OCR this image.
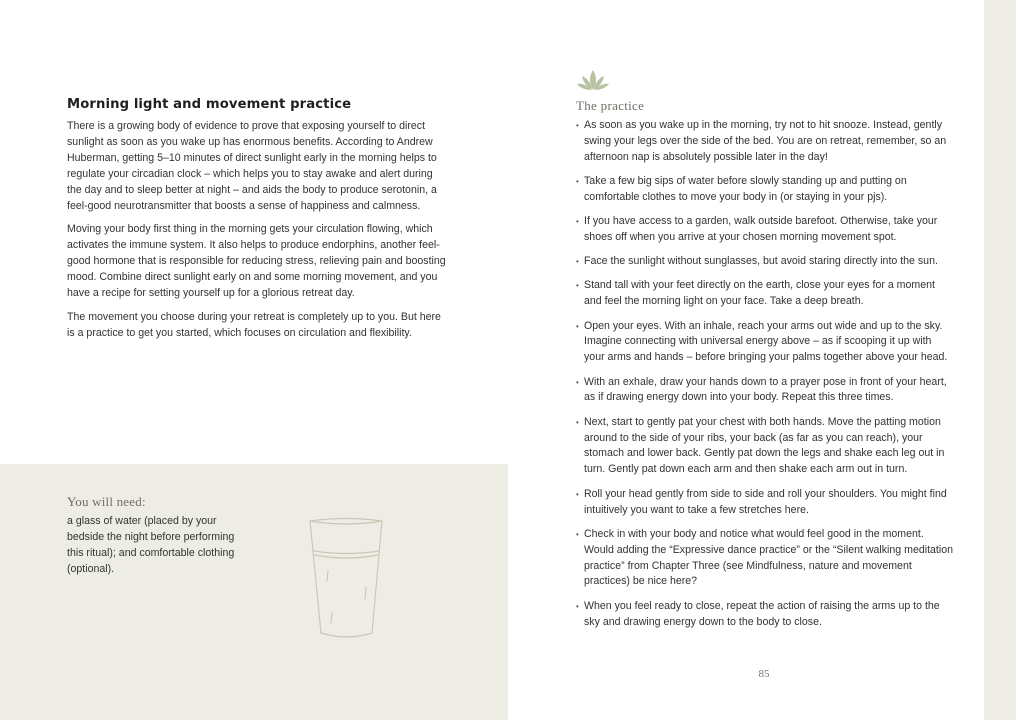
Morning light and movement practice

There is a growing body of evidence to prove that exposing yourself to direct sunlight as soon as you wake up has enormous benefits. According to Andrew Huberman, getting 5–10 minutes of direct sunlight early in the morning helps to regulate your circadian clock – which helps you to stay awake and alert during the day and to sleep better at night – and aids the body to produce serotonin, a feel-good neurotransmitter that boosts a sense of happiness and calmness.

Moving your body first thing in the morning gets your circulation flowing, which activates the immune system. It also helps to produce endorphins, another feel-good hormone that is responsible for reducing stress, relieving pain and boosting mood. Combine direct sunlight early on and some morning movement, and you have a recipe for setting yourself up for a glorious retreat day.

The movement you choose during your retreat is completely up to you. But here is a practice to get you started, which focuses on circulation and flexibility.

You will need:
a glass of water (placed by your bedside the night before performing this ritual); and comfortable clothing (optional).
The practice
• As soon as you wake up in the morning, try not to hit snooze. Instead, gently swing your legs over the side of the bed. You are on retreat, remember, so an afternoon nap is absolutely possible later in the day!
• Take a few big sips of water before slowly standing up and putting on comfortable clothes to move your body in (or staying in your pjs).
• If you have access to a garden, walk outside barefoot. Otherwise, take your shoes off when you arrive at your chosen morning movement spot.
• Face the sunlight without sunglasses, but avoid staring directly into the sun.
• Stand tall with your feet directly on the earth, close your eyes for a moment and feel the morning light on your face. Take a deep breath.
• Open your eyes. With an inhale, reach your arms out wide and up to the sky. Imagine connecting with universal energy above – as if scooping it up with your arms and hands – before bringing your palms together above your head.
• With an exhale, draw your hands down to a prayer pose in front of your heart, as if drawing energy down into your body. Repeat this three times.
• Next, start to gently pat your chest with both hands. Move the patting motion around to the side of your ribs, your back (as far as you can reach), your stomach and lower back. Gently pat down the legs and shake each leg out in turn. Gently pat down each arm and then shake each arm out in turn.
• Roll your head gently from side to side and roll your shoulders. You might find intuitively you want to take a few stretches here.
• Check in with your body and notice what would feel good in the moment. Would adding the “Expressive dance practice” or the “Silent walking meditation practice” from Chapter Three (see Mindfulness, nature and movement practices) be nice here?
• When you feel ready to close, repeat the action of raising the arms up to the sky and drawing energy down to the body to close.
85
